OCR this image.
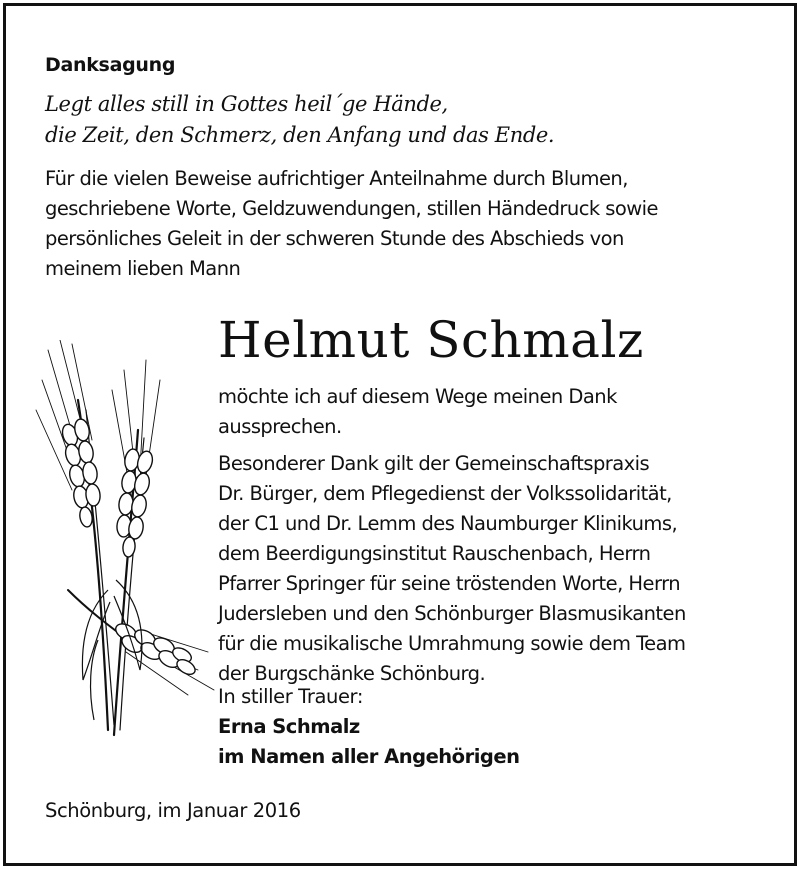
Danksagung
Legt alles still in Gottes heil´ge Hände,
die Zeit, den Schmerz, den Anfang und das Ende.
Für die vielen Beweise aufrichtiger Anteilnahme durch Blumen,
geschriebene Worte, Geldzuwendungen, stillen Händedruck sowie
persönliches Geleit in der schweren Stunde des Abschieds von
meinem lieben Mann
Helmut Schmalz

möchte ich auf diesem Wege meinen Dank
aussprechen.

Besonderer Dank gilt der Gemeinschaftspraxis
Dr. Bürger, dem Pflegedienst der Volkssolidarität,
der C1 und Dr. Lemm des Naumburger Klinikums,
dem Beerdigungsinstitut Rauschenbach, Herrn
Pfarrer Springer für seine tröstenden Worte, Herrn
Judersleben und den Schönburger Blasmusikanten
für die musikalische Umrahmung sowie dem Team
der Burgschänke Schönburg.

In stiller Trauer:
Erna Schmalz
im Namen aller Angehörigen
Schönburg, im Januar 2016
